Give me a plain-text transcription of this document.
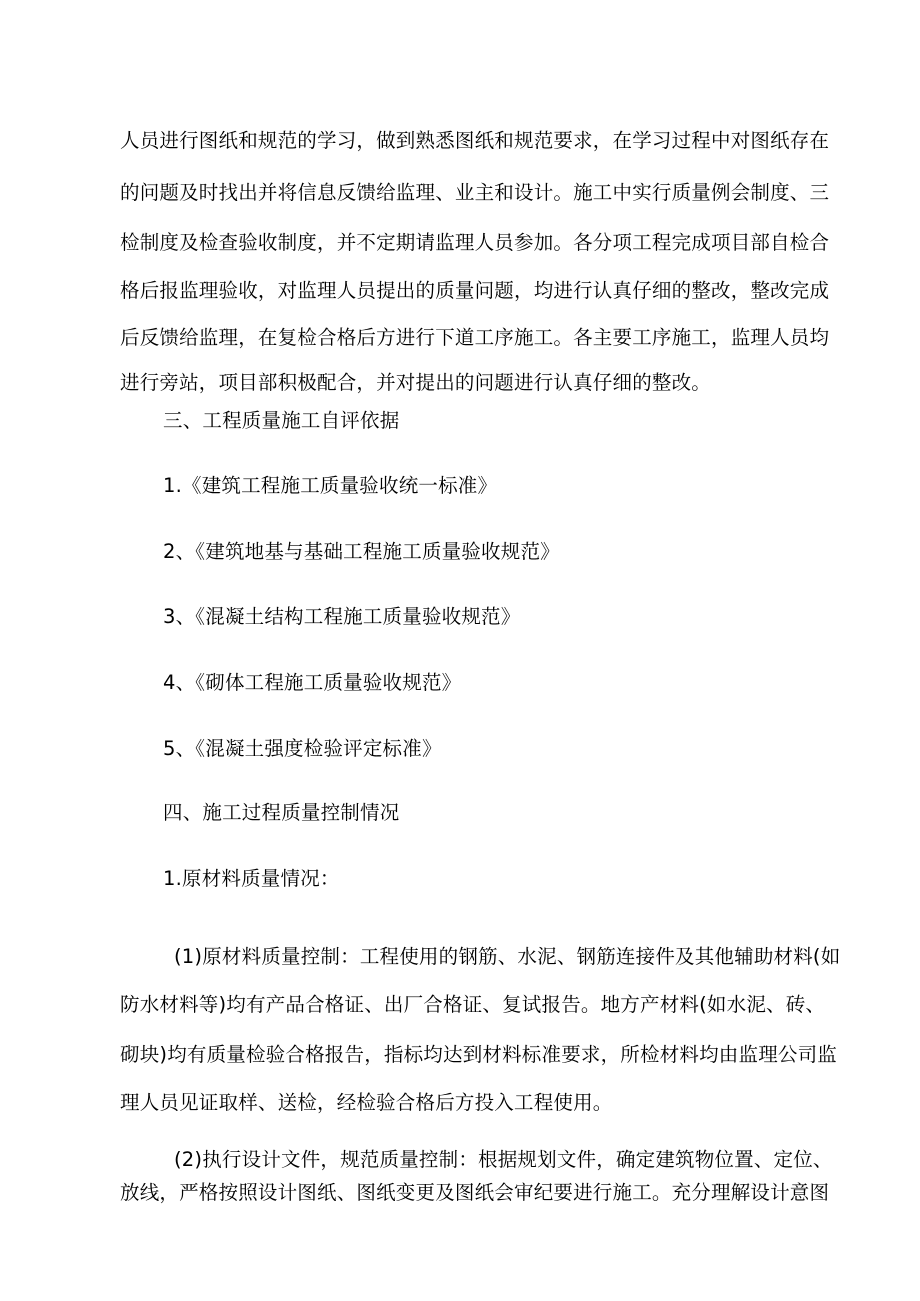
人员进行图纸和规范的学习，做到熟悉图纸和规范要求，在学习过程中对图纸存在
的问题及时找出并将信息反馈给监理、业主和设计。施工中实行质量例会制度、三
检制度及检查验收制度，并不定期请监理人员参加。各分项工程完成项目部自检合
格后报监理验收，对监理人员提出的质量问题，均进行认真仔细的整改，整改完成
后反馈给监理，在复检合格后方进行下道工序施工。各主要工序施工，监理人员均
进行旁站，项目部积极配合，并对提出的问题进行认真仔细的整改。
三、工程质量施工自评依据
1.《建筑工程施工质量验收统一标准》
2、《建筑地基与基础工程施工质量验收规范》
3、《混凝土结构工程施工质量验收规范》
4、《砌体工程施工质量验收规范》
5、《混凝土强度检验评定标准》
四、施工过程质量控制情况
1.原材料质量情况：
(1)原材料质量控制：工程使用的钢筋、水泥、钢筋连接件及其他辅助材料(如
防水材料等)均有产品合格证、出厂合格证、复试报告。地方产材料(如水泥、砖、
砌块)均有质量检验合格报告，指标均达到材料标准要求，所检材料均由监理公司监
理人员见证取样、送检，经检验合格后方投入工程使用。
(2)执行设计文件，规范质量控制：根据规划文件，确定建筑物位置、定位、
放线，严格按照设计图纸、图纸变更及图纸会审纪要进行施工。充分理解设计意图
